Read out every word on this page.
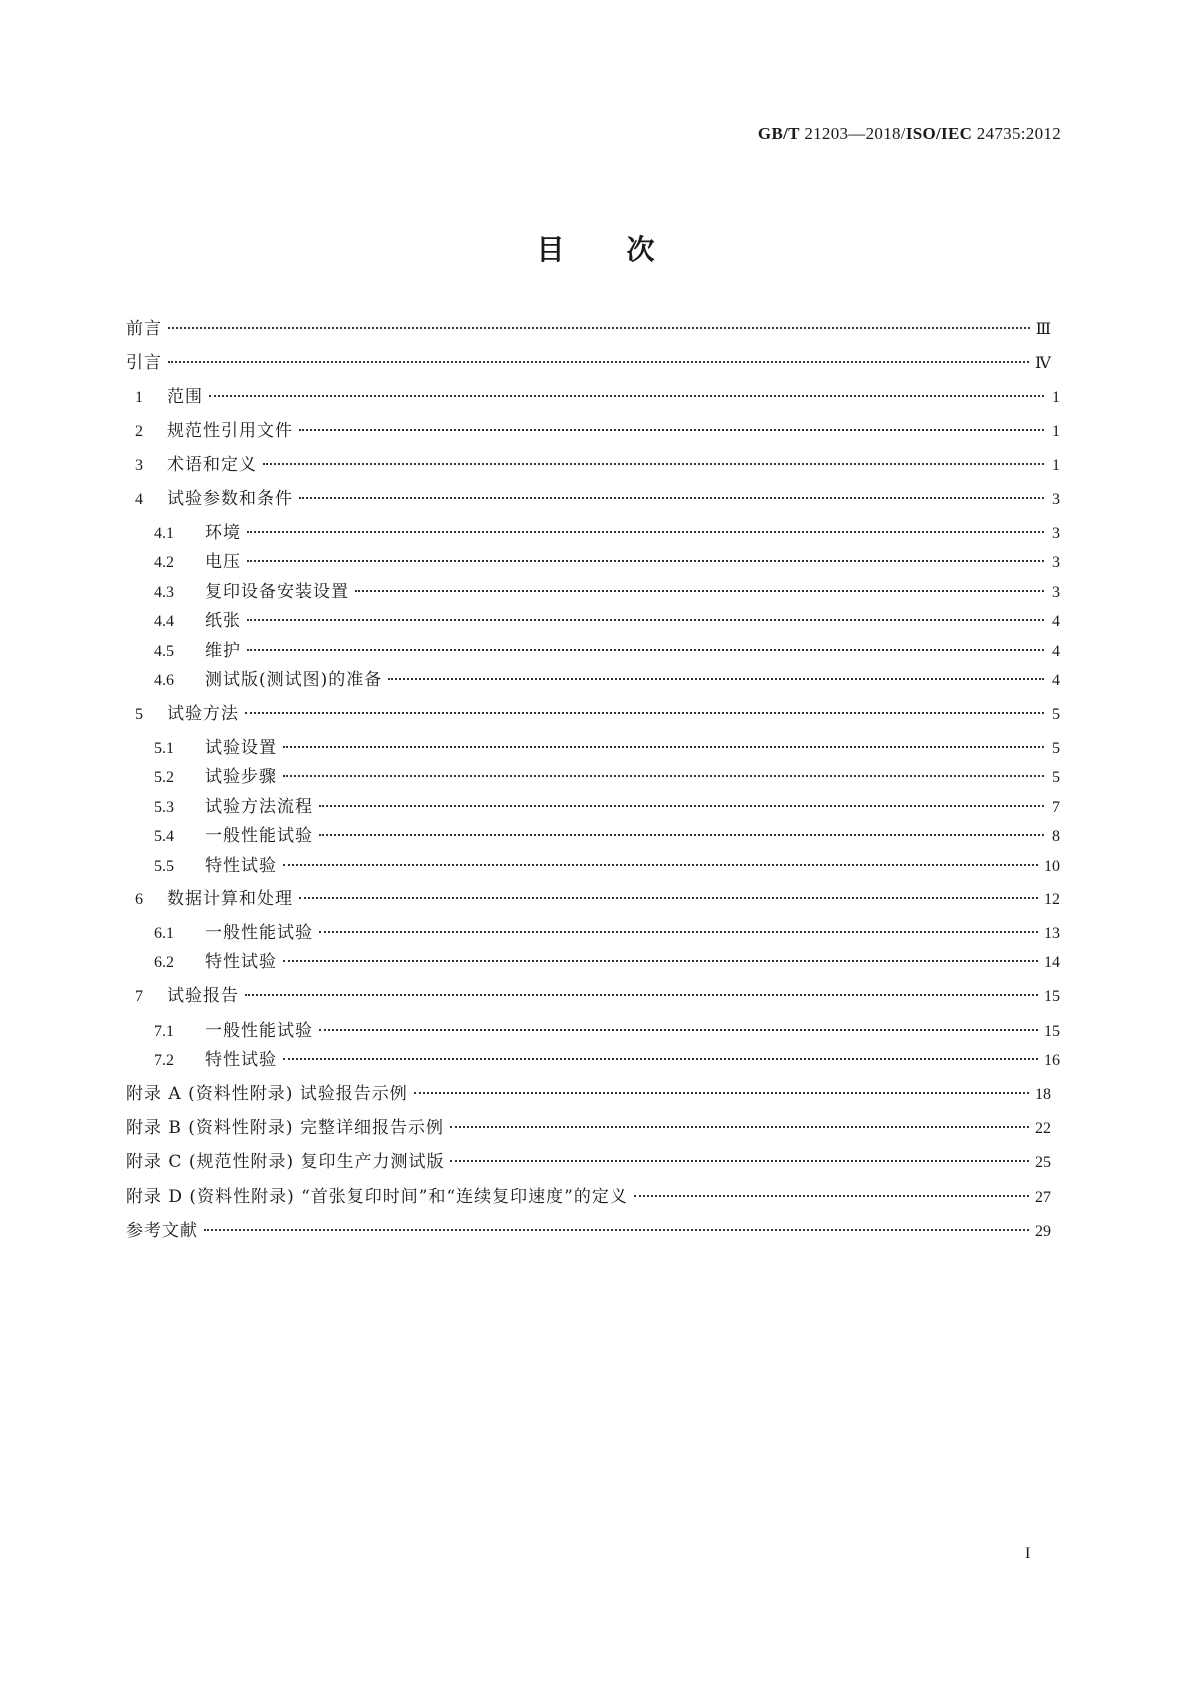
GB/T 21203—2018/ISO/IEC 24735:2012
目次
前言	Ⅲ
引言	Ⅳ
1	范围	1
2	规范性引用文件	1
3	术语和定义	1
4	试验参数和条件	3
4.1	环境	3
4.2	电压	3
4.3	复印设备安装设置	3
4.4	纸张	4
4.5	维护	4
4.6	测试版(测试图)的准备	4
5	试验方法	5
5.1	试验设置	5
5.2	试验步骤	5
5.3	试验方法流程	7
5.4	一般性能试验	8
5.5	特性试验	10
6	数据计算和处理	12
6.1	一般性能试验	13
6.2	特性试验	14
7	试验报告	15
7.1	一般性能试验	15
7.2	特性试验	16
附录 A (资料性附录) 试验报告示例	18
附录 B (资料性附录) 完整详细报告示例	22
附录 C (规范性附录) 复印生产力测试版	25
附录 D (资料性附录) “首张复印时间”和“连续复印速度”的定义	27
参考文献	29
I
